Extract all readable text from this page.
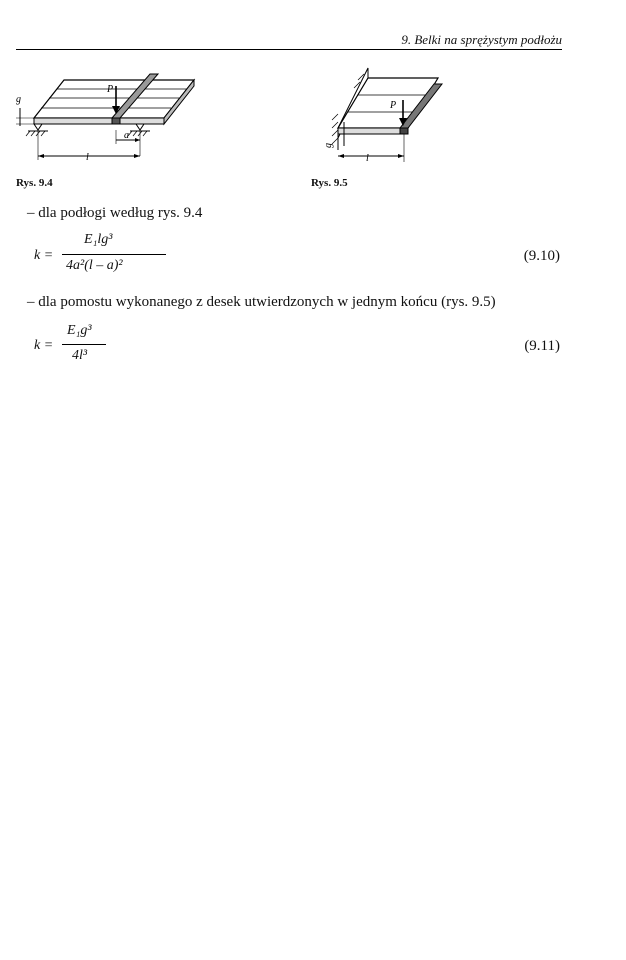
9. Belki na sprężystym podłożu
g
P
a
l
Rys. 9.4
g
P
l
Rys. 9.5
– dla podłogi według rys. 9.4
k =
E₁lg³
4a²(l – a)²
(9.10)
– dla pomostu wykonanego z desek utwierdzonych w jednym końcu (rys. 9.5)
k =
E₁g³
4l³
(9.11)
